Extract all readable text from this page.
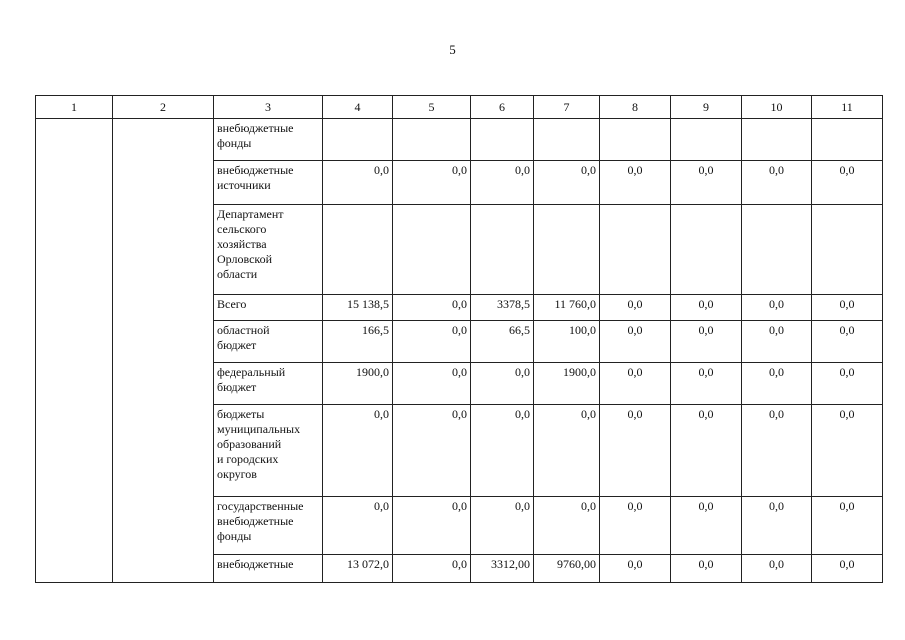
5
1	2	3	4	5	6	7	8	9	10	11
		внебюджетные
фонды								
		внебюджетные
источники	0,0	0,0	0,0	0,0	0,0	0,0	0,0	0,0
		Департамент
сельского
хозяйства
Орловской
области								
		Всего	15 138,5	0,0	3378,5	11 760,0	0,0	0,0	0,0	0,0
		областной
бюджет	166,5	0,0	66,5	100,0	0,0	0,0	0,0	0,0
		федеральный
бюджет	1900,0	0,0	0,0	1900,0	0,0	0,0	0,0	0,0
		бюджеты
муниципальных
образований
и городских
округов	0,0	0,0	0,0	0,0	0,0	0,0	0,0	0,0
		государственные
внебюджетные
фонды	0,0	0,0	0,0	0,0	0,0	0,0	0,0	0,0
		внебюджетные	13 072,0	0,0	3312,00	9760,00	0,0	0,0	0,0	0,0
